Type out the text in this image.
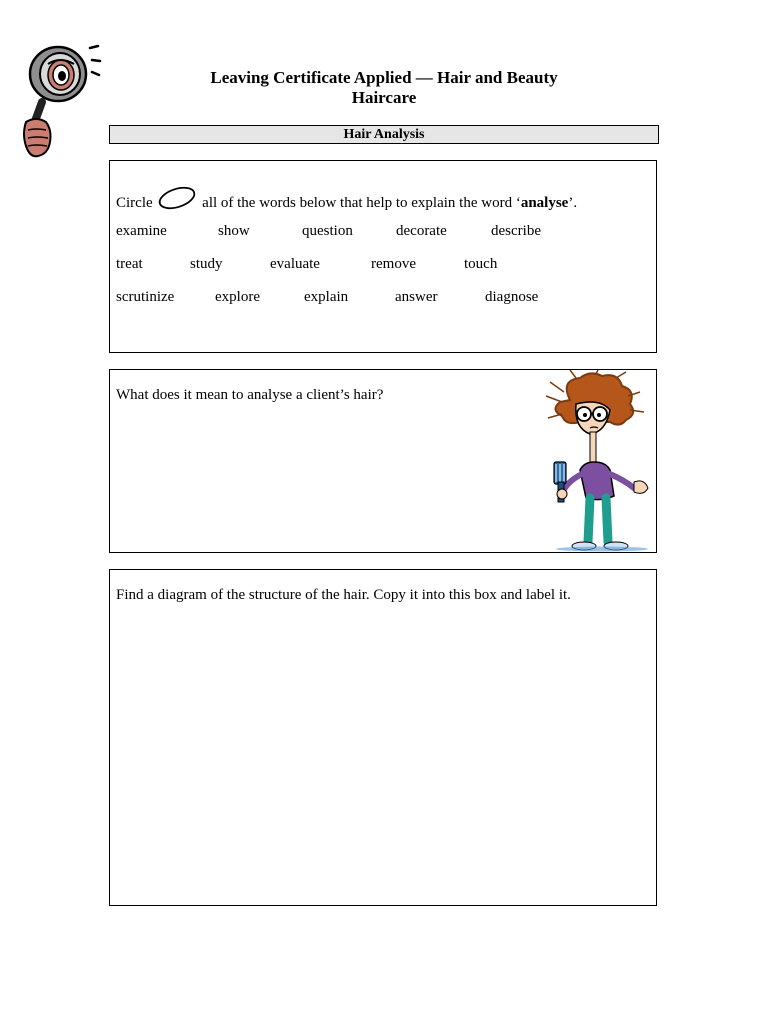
Leaving Certificate Applied — Hair and Beauty
Haircare
Hair Analysis
Circle	all of the words below that help to explain the word ‘analyse’.
examine	show	question	decorate	describe
treat	study	evaluate	remove	touch
scrutinize	explore	explain	answer	diagnose
What does it mean to analyse a client’s hair?
Find a diagram of the structure of the hair. Copy it into this box and label it.
